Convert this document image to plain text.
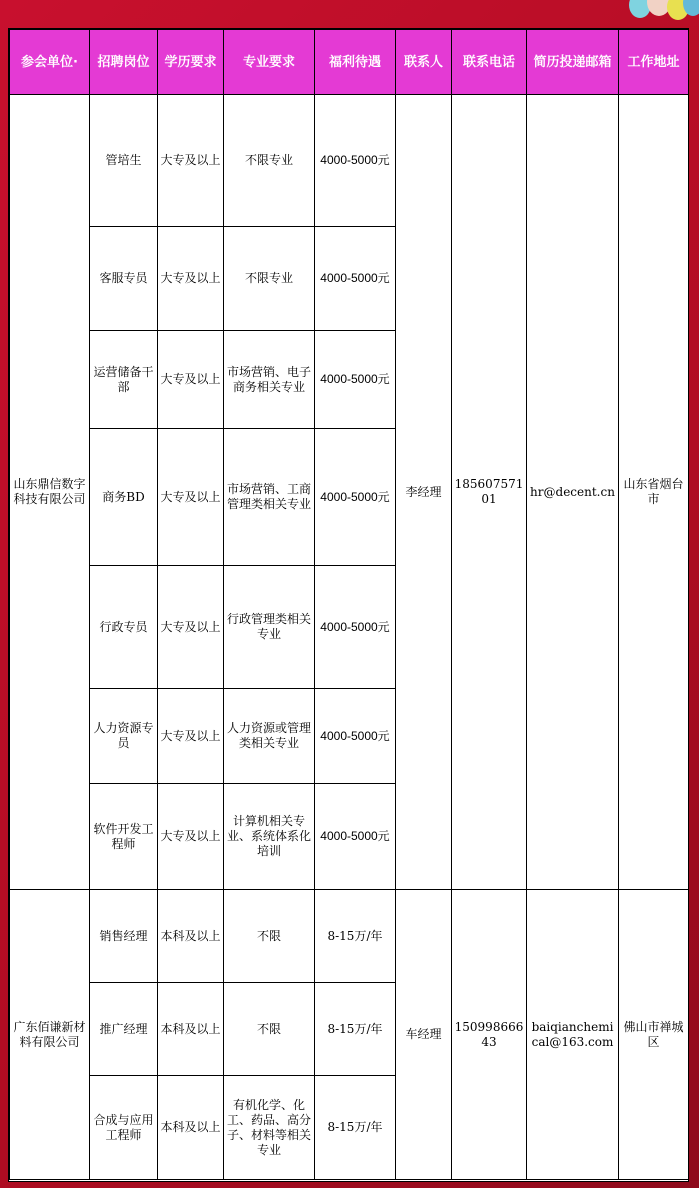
参会单位·	招聘岗位	学历要求	专业要求	福利待遇	联系人	联系电话	简历投递邮箱	工作地址
山东鼎信数字科技有限公司	管培生	大专及以上	不限专业	4000-5000元	李经理	18560757101	hr@decent.cn	山东省烟台市
	客服专员	大专及以上	不限专业	4000-5000元				
	运营储备干部	大专及以上	市场营销、电子商务相关专业	4000-5000元				
	商务BD	大专及以上	市场营销、工商管理类相关专业	4000-5000元				
	行政专员	大专及以上	行政管理类相关专业	4000-5000元				
	人力资源专员	大专及以上	人力资源或管理类相关专业	4000-5000元				
	软件开发工程师	大专及以上	计算机相关专业、系统体系化培训	4000-5000元				
广东佰谦新材料有限公司	销售经理	本科及以上	不限	8-15万/年	车经理	15099866643	baiqianchemical@163.com	佛山市禅城区
	推广经理	本科及以上	不限	8-15万/年				
	合成与应用工程师	本科及以上	有机化学、化工、药品、高分子、材料等相关专业	8-15万/年				
